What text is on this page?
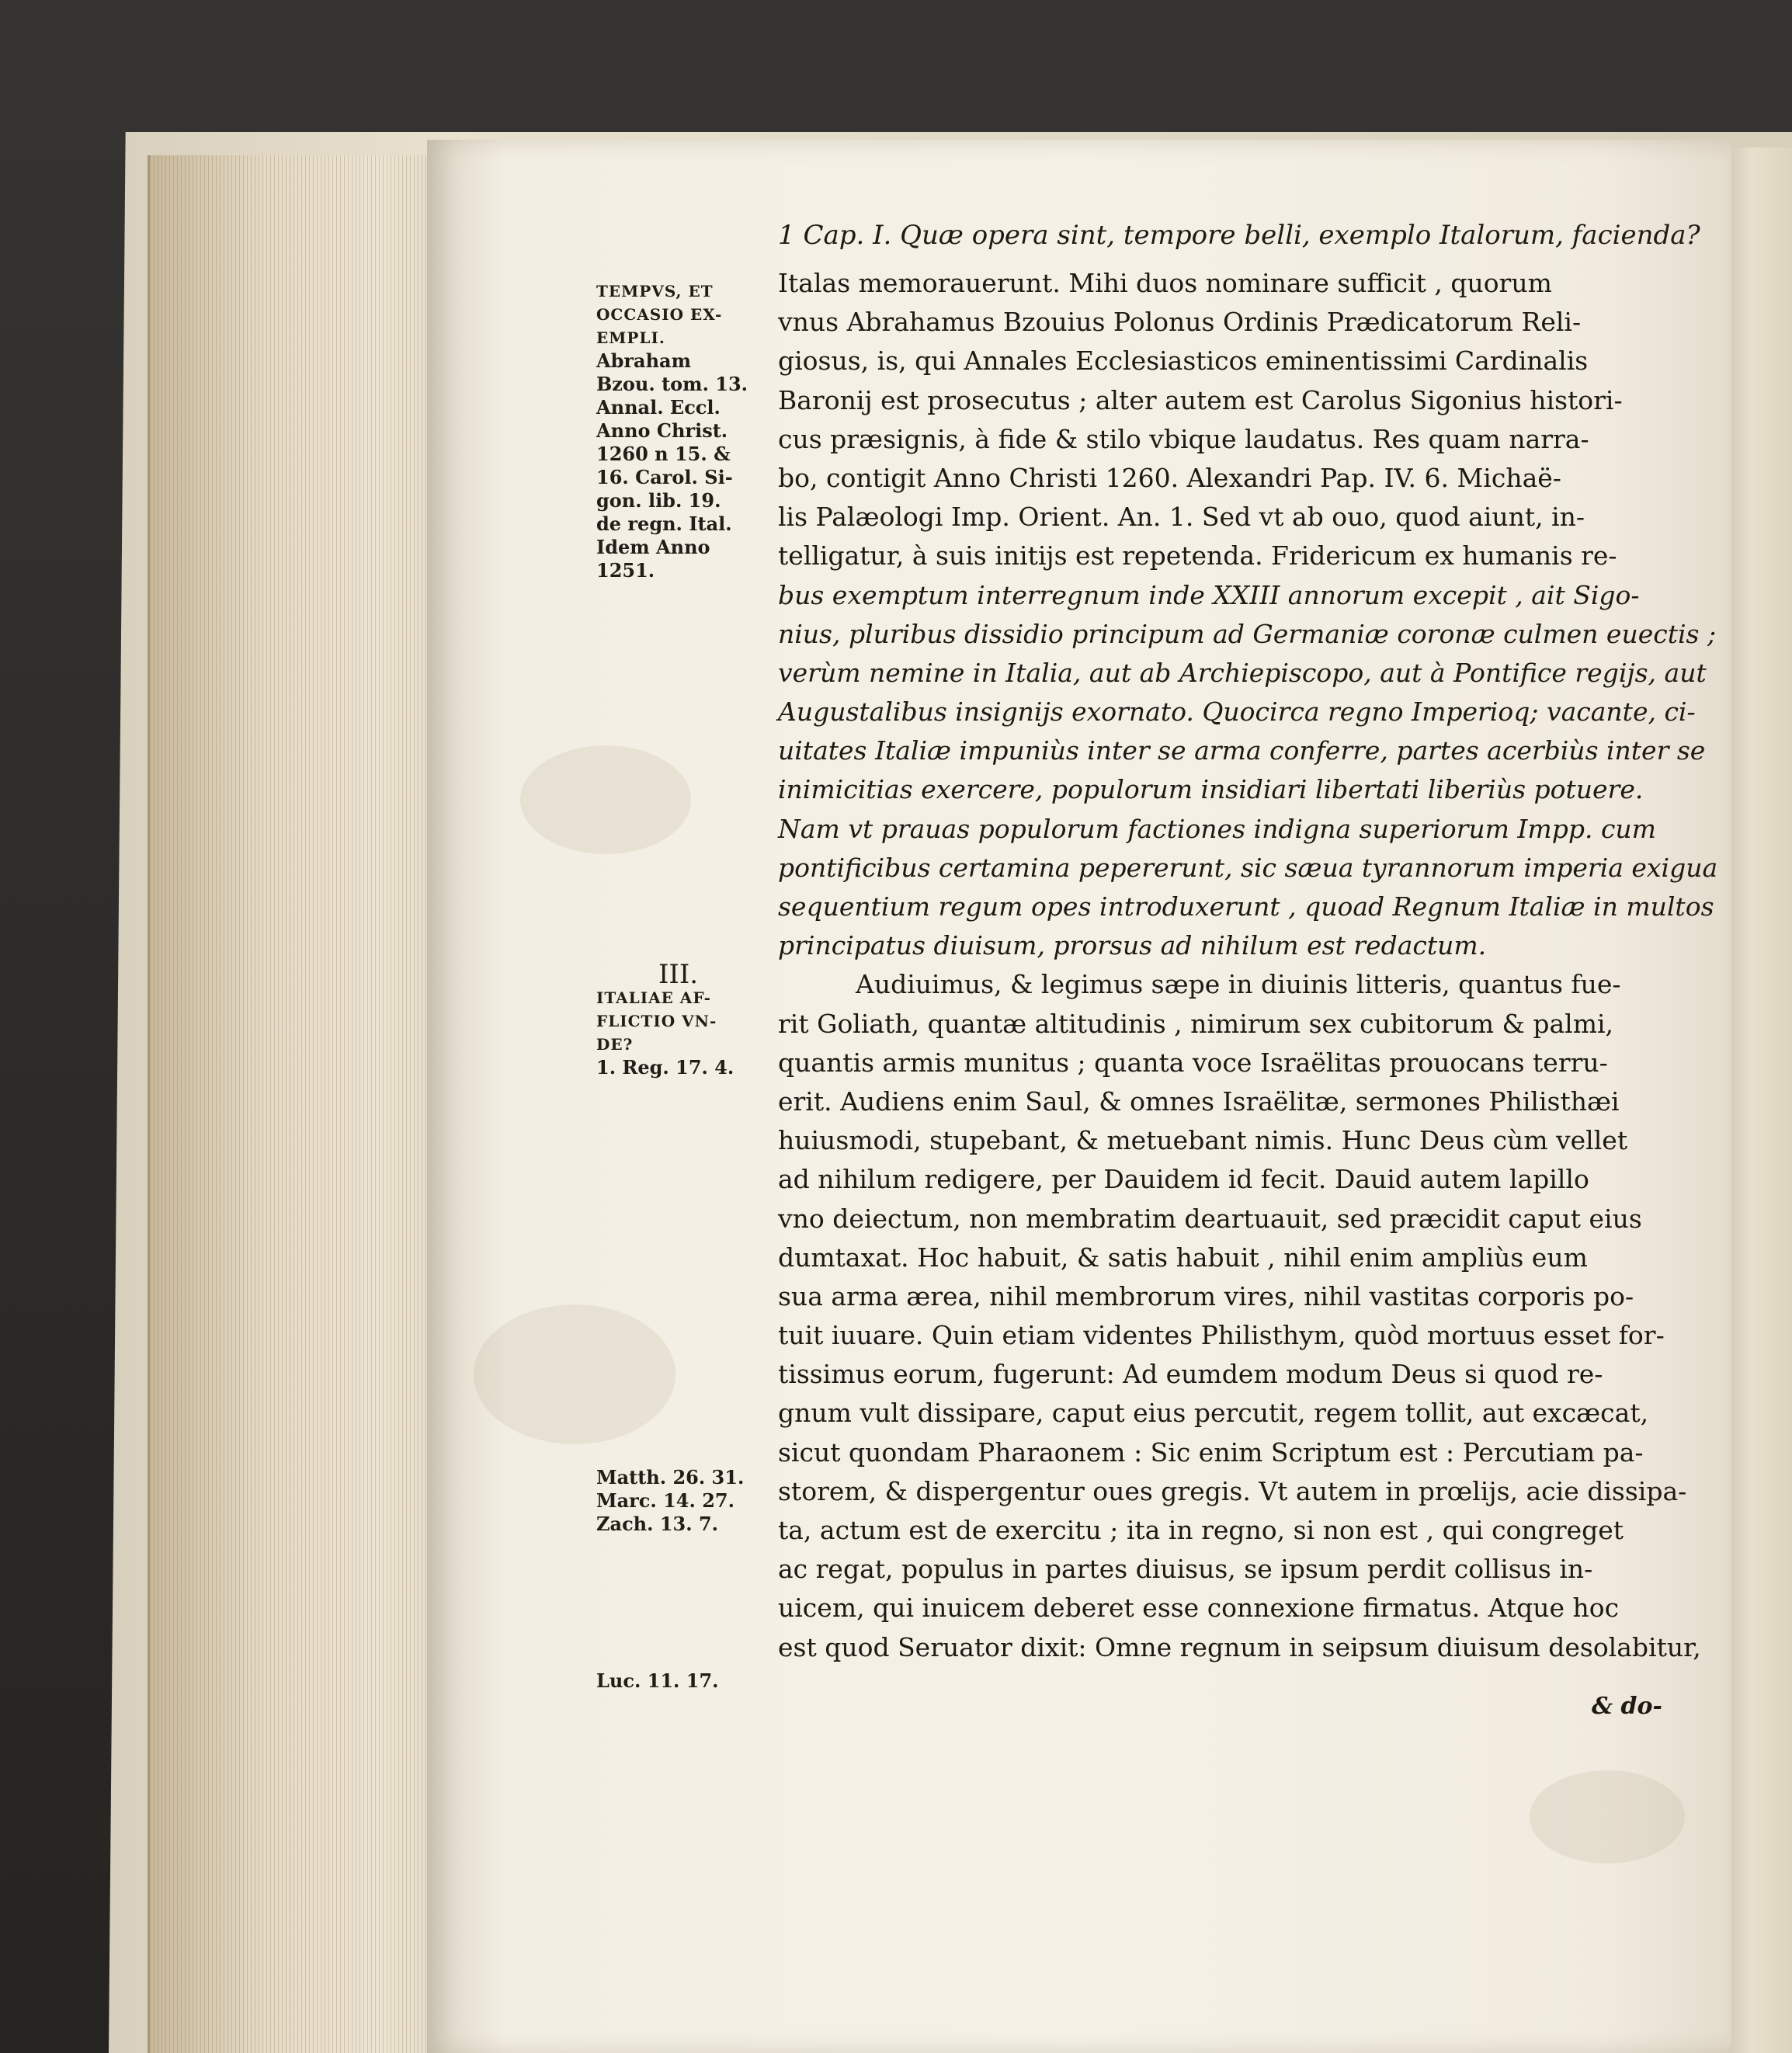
1 Cap. I. Quæ opera sint, tempore belli, exemplo Italorum, facienda?
TEMPVS, ET
OCCASIO EX-
EMPLI.
Abraham
Bzou. tom. 13.
Annal. Eccl.
Anno Christ.
1260 n 15. &
16. Carol. Si-
gon. lib. 19.
de regn. Ital.
Idem Anno
1251.
III.
ITALIAE AF-
FLICTIO VN-
DE?
1. Reg. 17. 4.
Matth. 26. 31.
Marc. 14. 27.
Zach. 13. 7.
Luc. 11. 17.
Italas memorauerunt. Mihi duos nominare sufficit , quorum
vnus Abrahamus Bzouius Polonus Ordinis Prædicatorum Reli-
giosus, is, qui Annales Ecclesiasticos eminentissimi Cardinalis
Baronij est prosecutus ; alter autem est Carolus Sigonius histori-
cus præsignis, à fide & stilo vbique laudatus. Res quam narra-
bo, contigit Anno Christi 1260. Alexandri Pap. IV. 6. Michaë-
lis Palæologi Imp. Orient. An. 1. Sed vt ab ouo, quod aiunt, in-
telligatur, à suis initijs est repetenda. Fridericum ex humanis re-
bus exemptum interregnum inde XXIII annorum excepit , ait Sigo-
nius, pluribus dissidio principum ad Germaniæ coronæ culmen euectis ;
verùm nemine in Italia, aut ab Archiepiscopo, aut à Pontifice regijs, aut
Augustalibus insignijs exornato. Quocirca regno Imperioq; vacante, ci-
uitates Italiæ impuniùs inter se arma conferre, partes acerbiùs inter se
inimicitias exercere, populorum insidiari libertati liberiùs potuere.
Nam vt prauas populorum factiones indigna superiorum Impp. cum
pontificibus certamina pepererunt, sic sæua tyrannorum imperia exigua
sequentium regum opes introduxerunt , quoad Regnum Italiæ in multos
principatus diuisum, prorsus ad nihilum est redactum.
Audiuimus, & legimus sæpe in diuinis litteris, quantus fue-
rit Goliath, quantæ altitudinis , nimirum sex cubitorum & palmi,
quantis armis munitus ; quanta voce Israëlitas prouocans terru-
erit. Audiens enim Saul, & omnes Israëlitæ, sermones Philisthæi
huiusmodi, stupebant, & metuebant nimis. Hunc Deus cùm vellet
ad nihilum redigere, per Dauidem id fecit. Dauid autem lapillo
vno deiectum, non membratim deartuauit, sed præcidit caput eius
dumtaxat. Hoc habuit, & satis habuit , nihil enim ampliùs eum
sua arma ærea, nihil membrorum vires, nihil vastitas corporis po-
tuit iuuare. Quin etiam videntes Philisthym, quòd mortuus esset for-
tissimus eorum, fugerunt: Ad eumdem modum Deus si quod re-
gnum vult dissipare, caput eius percutit, regem tollit, aut excæcat,
sicut quondam Pharaonem : Sic enim Scriptum est : Percutiam pa-
storem, & dispergentur oues gregis. Vt autem in prœlijs, acie dissipa-
ta, actum est de exercitu ; ita in regno, si non est , qui congreget
ac regat, populus in partes diuisus, se ipsum perdit collisus in-
uicem, qui inuicem deberet esse connexione firmatus. Atque hoc
est quod Seruator dixit: Omne regnum in seipsum diuisum desolabitur,
& do-
